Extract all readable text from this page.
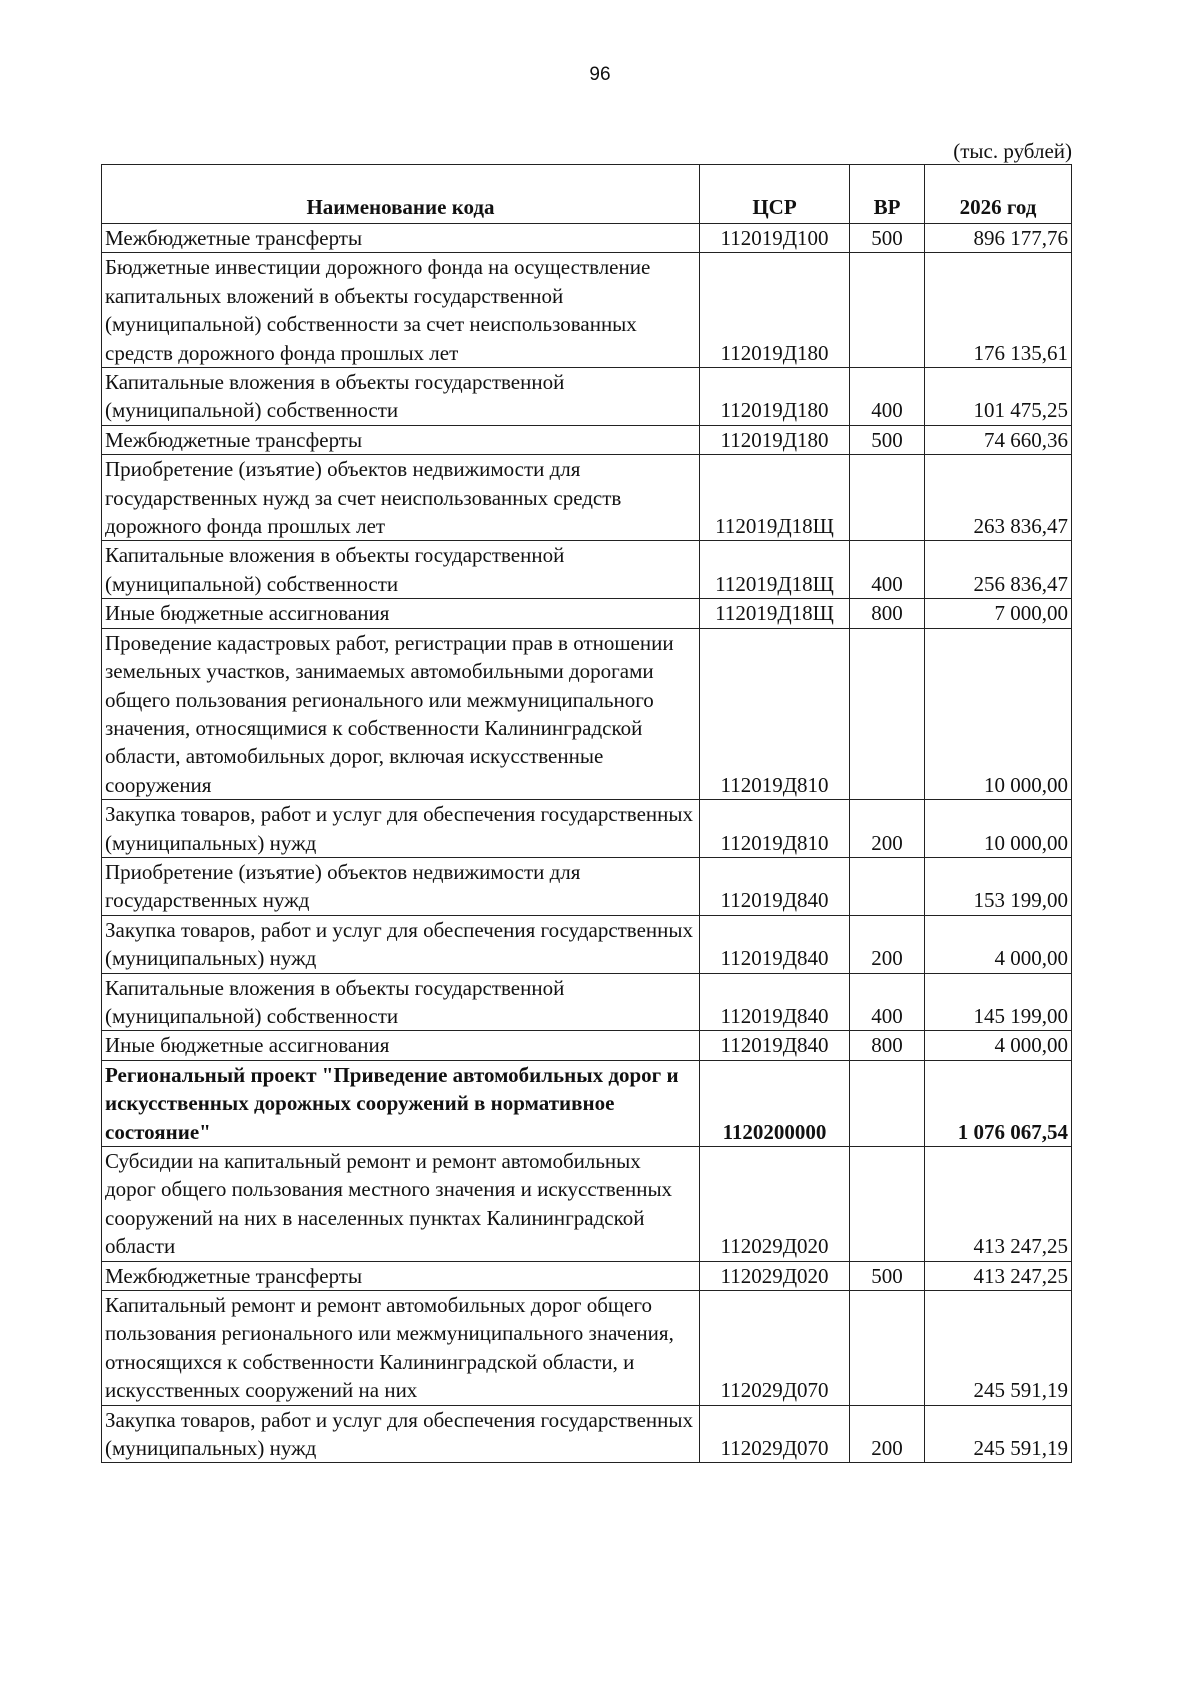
96
(тыс. рублей)
Наименование кода	ЦСР	ВР	2026 год
Межбюджетные трансферты	112019Д100	500	896 177,76
Бюджетные инвестиции дорожного фонда на осуществление капитальных вложений в объекты государственной (муниципальной) собственности за счет неиспользованных средств дорожного фонда прошлых лет	112019Д180		176 135,61
Капитальные вложения в объекты государственной (муниципальной) собственности	112019Д180	400	101 475,25
Межбюджетные трансферты	112019Д180	500	74 660,36
Приобретение (изъятие) объектов недвижимости для государственных нужд за счет неиспользованных средств дорожного фонда прошлых лет	112019Д18Щ		263 836,47
Капитальные вложения в объекты государственной (муниципальной) собственности	112019Д18Щ	400	256 836,47
Иные бюджетные ассигнования	112019Д18Щ	800	7 000,00
Проведение кадастровых работ, регистрации прав в отношении земельных участков, занимаемых автомобильными дорогами общего пользования регионального или межмуниципального значения, относящимися к собственности Калининградской области, автомобильных дорог, включая искусственные сооружения	112019Д810		10 000,00
Закупка товаров, работ и услуг для обеспечения государственных (муниципальных) нужд	112019Д810	200	10 000,00
Приобретение (изъятие) объектов недвижимости для государственных нужд	112019Д840		153 199,00
Закупка товаров, работ и услуг для обеспечения государственных (муниципальных) нужд	112019Д840	200	4 000,00
Капитальные вложения в объекты государственной (муниципальной) собственности	112019Д840	400	145 199,00
Иные бюджетные ассигнования	112019Д840	800	4 000,00
Региональный проект "Приведение автомобильных дорог и искусственных дорожных сооружений в нормативное состояние"	1120200000		1 076 067,54
Субсидии на капитальный ремонт и ремонт автомобильных дорог общего пользования местного значения и искусственных сооружений на них в населенных пунктах Калининградской области	112029Д020		413 247,25
Межбюджетные трансферты	112029Д020	500	413 247,25
Капитальный ремонт и ремонт автомобильных дорог общего пользования регионального или межмуниципального значения, относящихся к собственности Калининградской области, и искусственных сооружений на них	112029Д070		245 591,19
Закупка товаров, работ и услуг для обеспечения государственных (муниципальных) нужд	112029Д070	200	245 591,19
